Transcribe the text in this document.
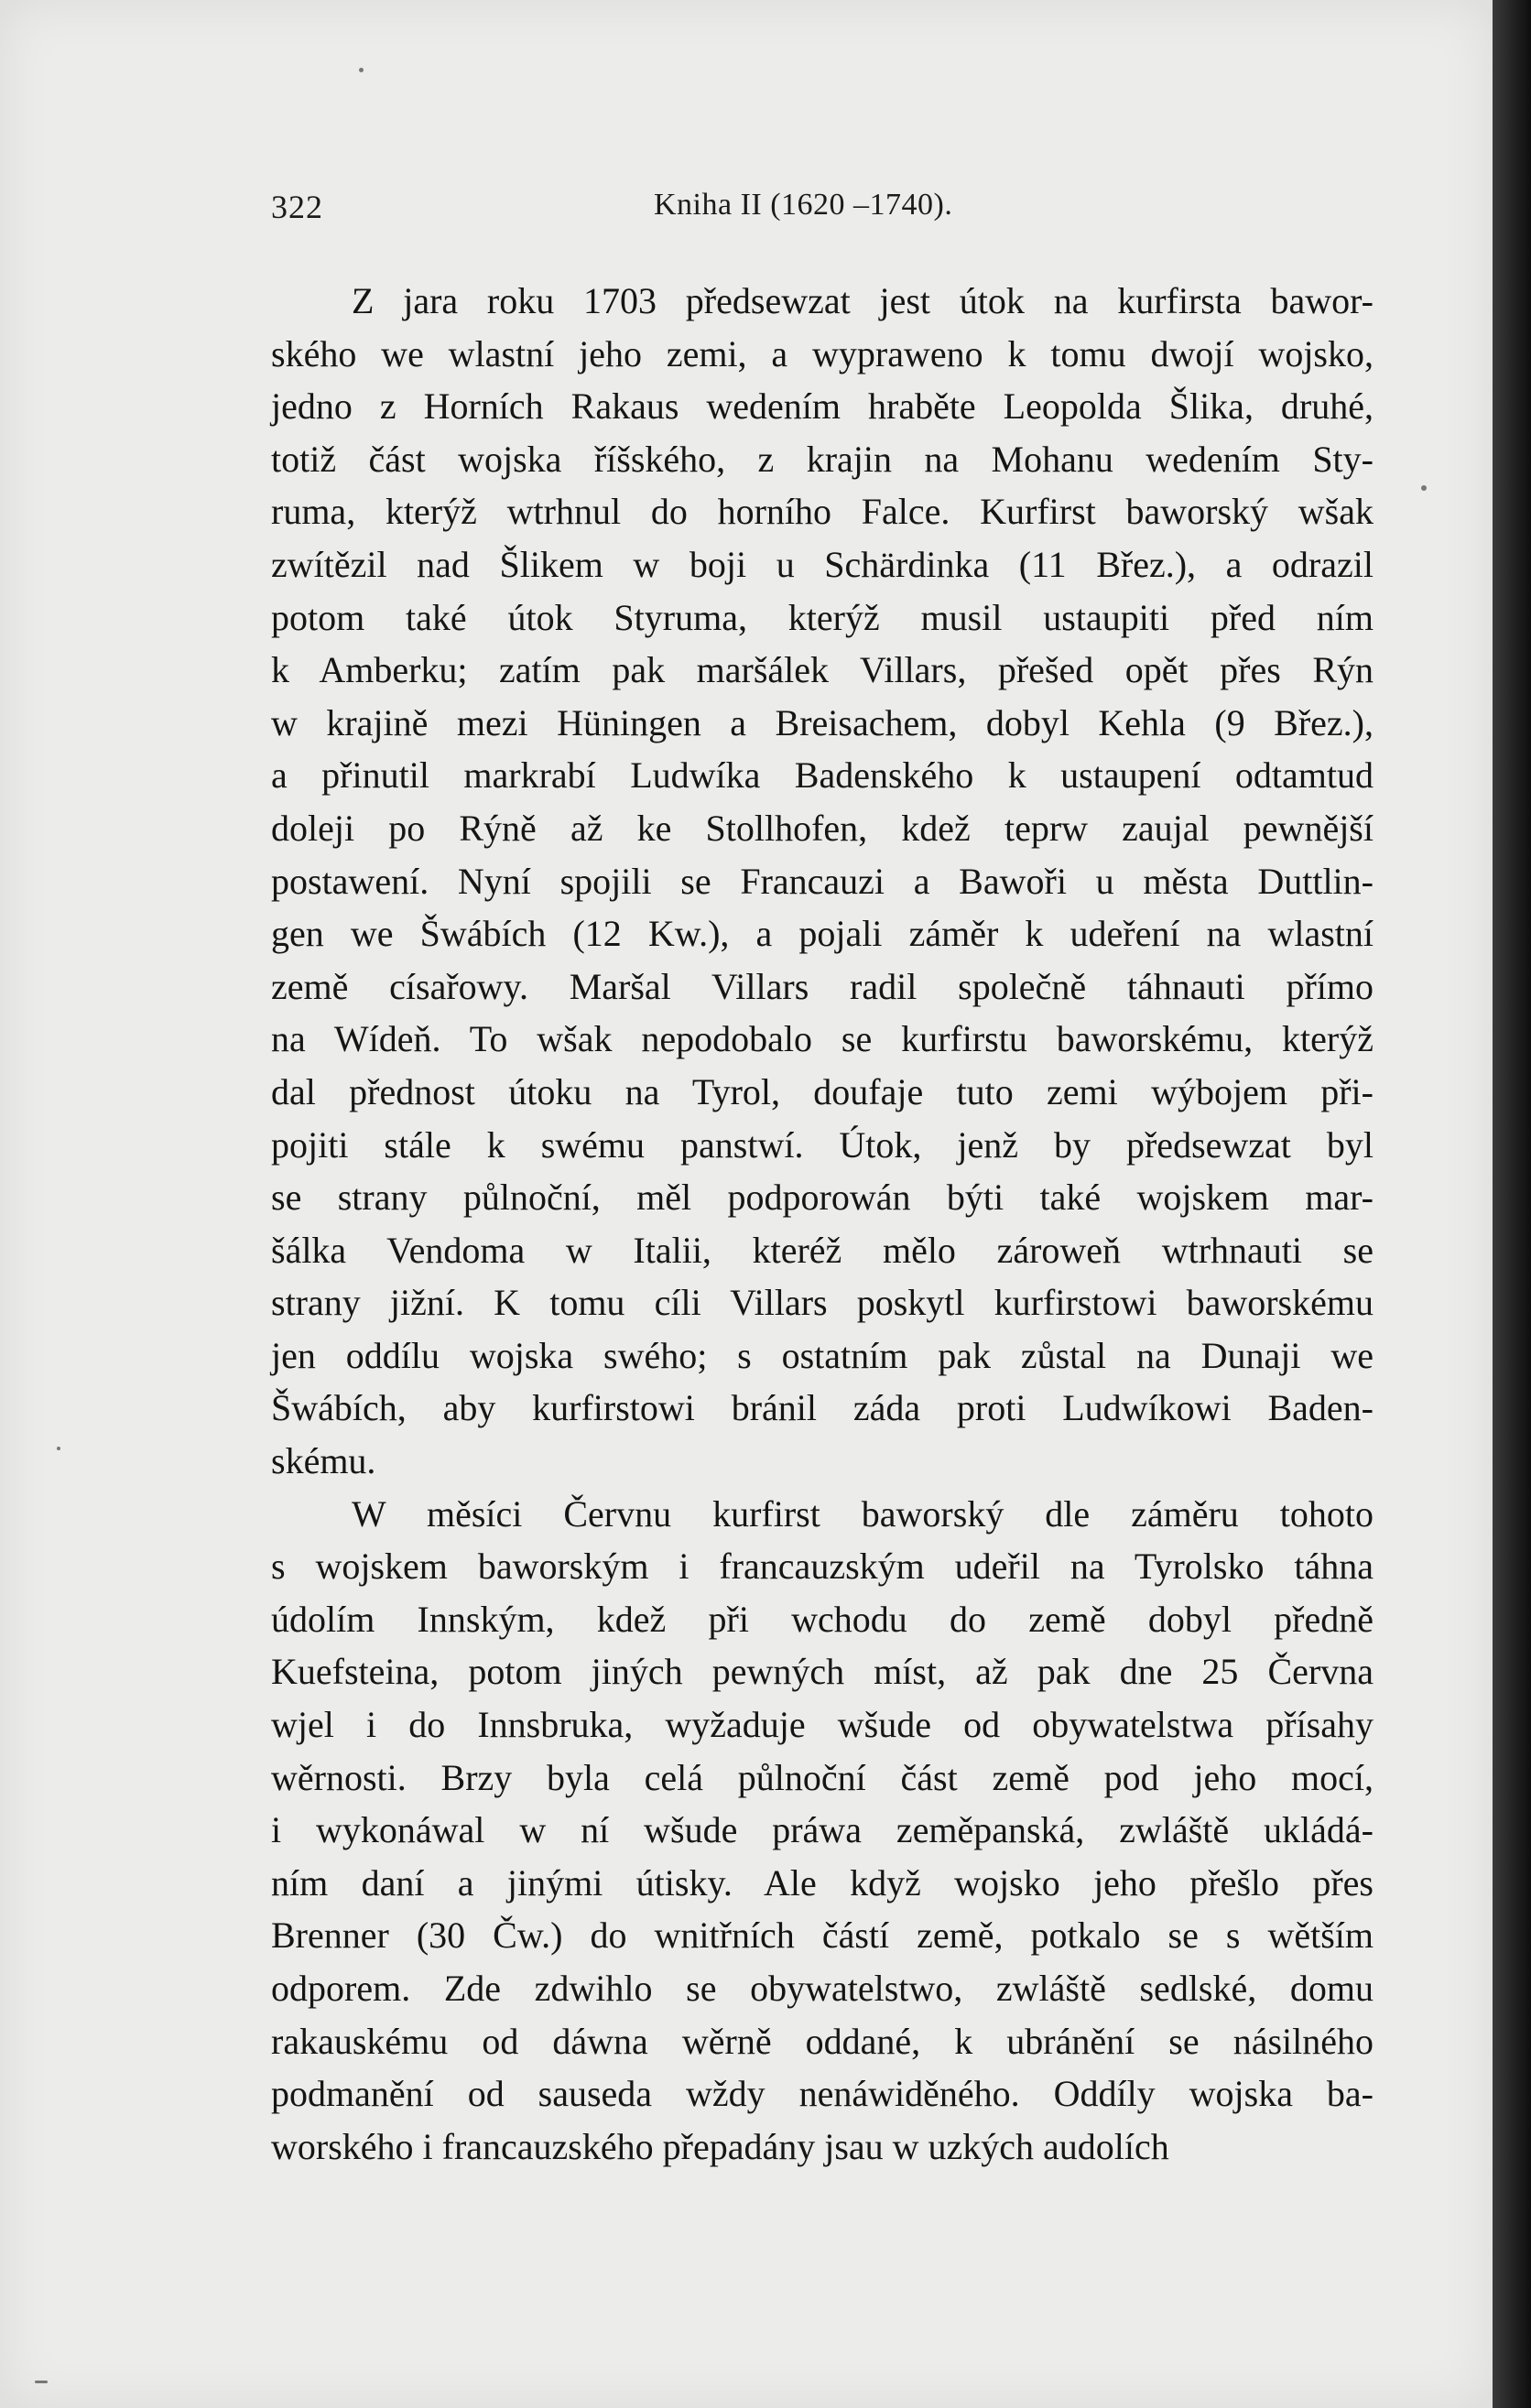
322	Kniha II (1620 –1740).
Z jara roku 1703 předsewzat jest útok na kurfirsta bawor-
ského we wlastní jeho zemi, a wypraweno k tomu dwojí wojsko,
jedno z Horních Rakaus wedením hraběte Leopolda Šlika, druhé,
totiž část wojska říšského, z krajin na Mohanu wedením Sty-
ruma, kterýž wtrhnul do horního Falce. Kurfirst baworský wšak
zwítězil nad Šlikem w boji u Schärdinka (11 Břez.), a odrazil
potom také útok Styruma, kterýž musil ustaupiti před ním
k Amberku; zatím pak maršálek Villars, přešed opět přes Rýn
w krajině mezi Hüningen a Breisachem, dobyl Kehla (9 Břez.),
a přinutil markrabí Ludwíka Badenského k ustaupení odtamtud
doleji po Rýně až ke Stollhofen, kdež teprw zaujal pewnější
postawení. Nyní spojili se Francauzi a Bawoři u města Duttlin-
gen we Šwábích (12 Kw.), a pojali záměr k udeření na wlastní
země císařowy. Maršal Villars radil společně táhnauti přímo
na Wídeň. To wšak nepodobalo se kurfirstu baworskému, kterýž
dal přednost útoku na Tyrol, doufaje tuto zemi wýbojem při-
pojiti stále k swému panstwí. Útok, jenž by předsewzat byl
se strany půlnoční, měl podporowán býti také wojskem mar-
šálka Vendoma w Italii, kteréž mělo zároweň wtrhnauti se
strany jižní. K tomu cíli Villars poskytl kurfirstowi baworskému
jen oddílu wojska swého; s ostatním pak zůstal na Dunaji we
Šwábích, aby kurfirstowi bránil záda proti Ludwíkowi Baden-
skému.
W měsíci Červnu kurfirst baworský dle záměru tohoto
s wojskem baworským i francauzským udeřil na Tyrolsko táhna
údolím Innským, kdež při wchodu do země dobyl předně
Kuefsteina, potom jiných pewných míst, až pak dne 25 Června
wjel i do Innsbruka, wyžaduje wšude od obywatelstwa přísahy
wěrnosti. Brzy byla celá půlnoční část země pod jeho mocí,
i wykonáwal w ní wšude práwa zeměpanská, zwláště ukládá-
ním daní a jinými útisky. Ale když wojsko jeho přešlo přes
Brenner (30 Čw.) do wnitřních částí země, potkalo se s wětším
odporem. Zde zdwihlo se obywatelstwo, zwláště sedlské, domu
rakauskému od dáwna wěrně oddané, k ubránění se násilného
podmanění od sauseda wždy nenáwiděného. Oddíly wojska ba-
worského i francauzského přepadány jsau w uzkých audolích
